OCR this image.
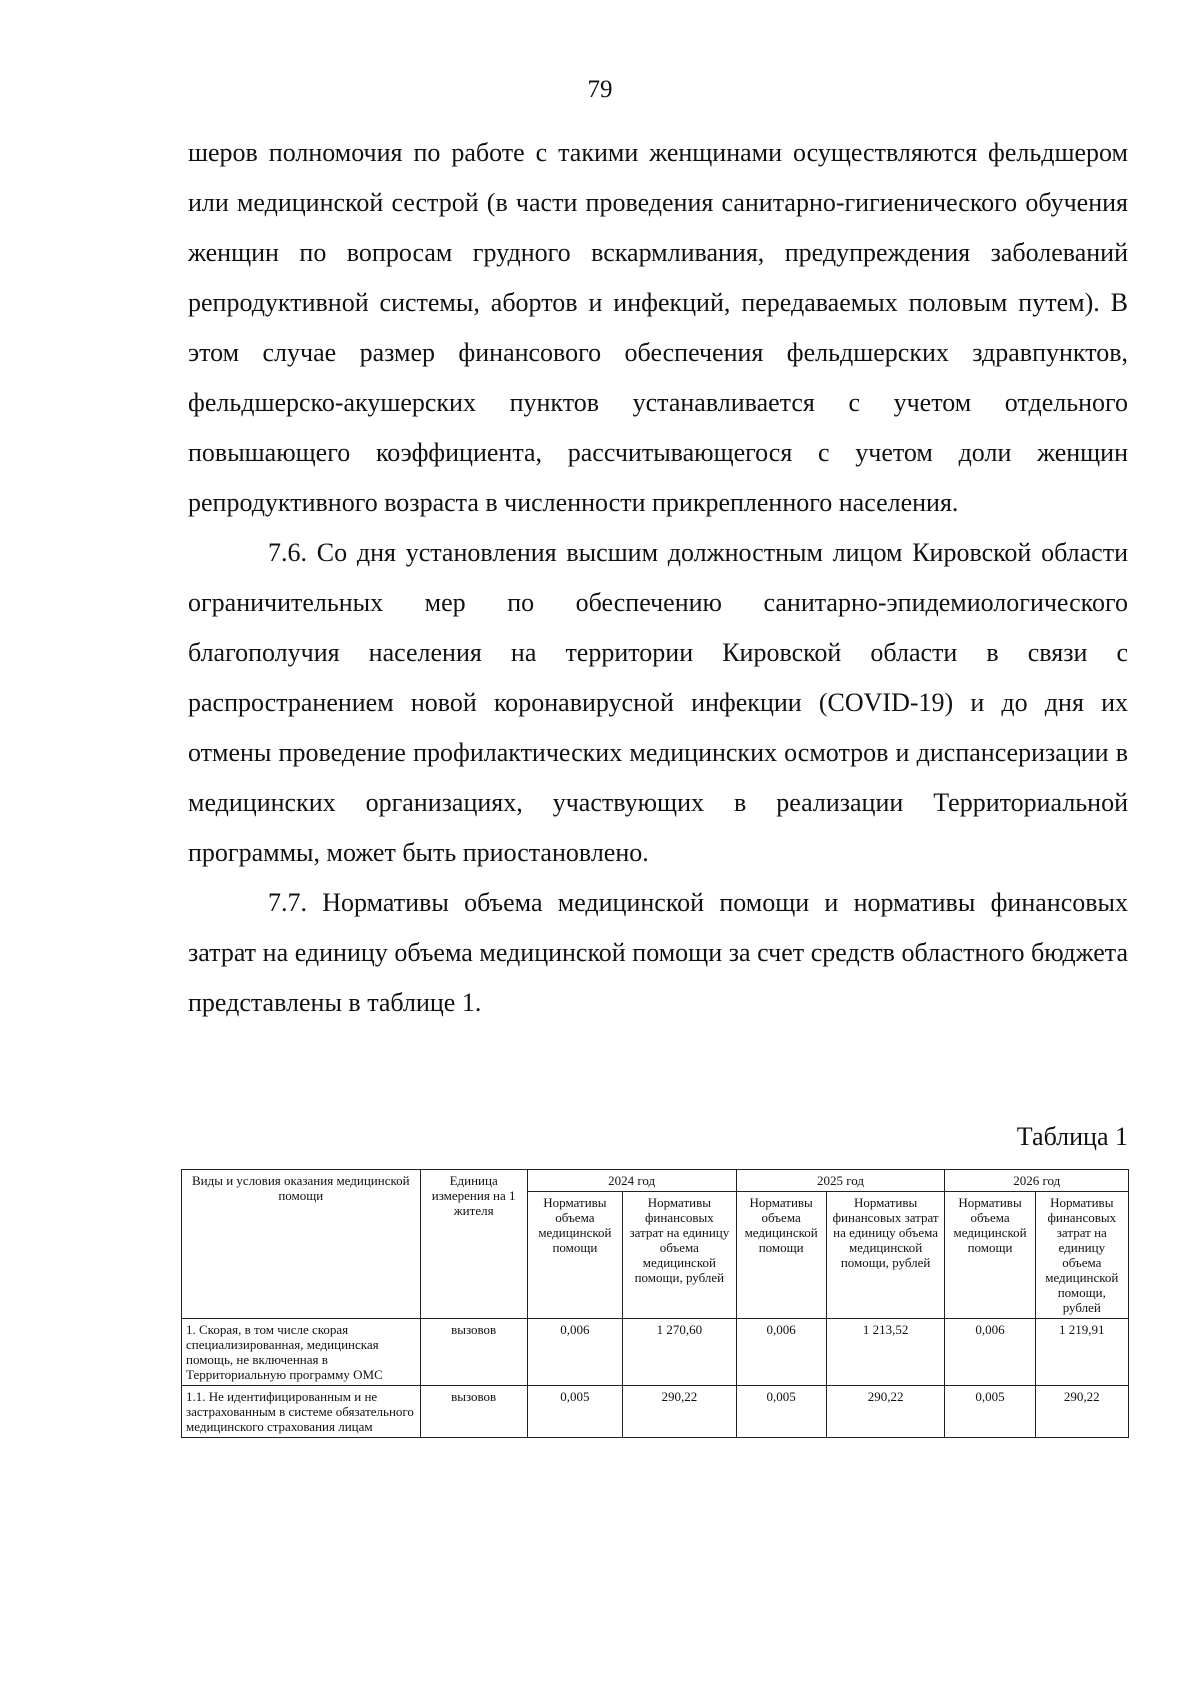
79

шеров полномочия по работе с такими женщинами осуществляются фельдшером или медицинской сестрой (в части проведения санитарно-гигиенического обучения женщин по вопросам грудного вскармливания, предупреждения заболеваний репродуктивной системы, абортов и инфекций, передаваемых половым путем). В этом случае размер финансового обеспечения фельдшерских здравпунктов, фельдшерско-акушерских пунктов устанавливается с учетом отдельного повышающего коэффициента, рассчитывающегося с учетом доли женщин репродуктивного возраста в численности прикрепленного населения.

7.6. Со дня установления высшим должностным лицом Кировской области ограничительных мер по обеспечению санитарно-эпидемиологического благополучия населения на территории Кировской области в связи с распространением новой коронавирусной инфекции (COVID-19) и до дня их отмены проведение профилактических медицинских осмотров и диспансеризации в медицинских организациях, участвующих в реализации Территориальной программы, может быть приостановлено.

7.7. Нормативы объема медицинской помощи и нормативы финансовых затрат на единицу объема медицинской помощи за счет средств областного бюджета представлены в таблице 1.

Таблица 1
Виды и условия оказания медицинской помощи	Единица измерения на 1 жителя	2024 год		2025 год		2026 год	
		Нормативы объема медицинской помощи	Нормативы финансовых затрат на единицу объема медицинской помощи, рублей	Нормативы объема медицинской помощи	Нормативы финансовых затрат на единицу объема медицинской помощи, рублей	Нормативы объема медицинской помощи	Нормативы финансовых затрат на единицу объема медицинской помощи, рублей
1. Скорая, в том числе скорая специализированная, медицинская помощь, не включенная в Территориальную программу ОМС	вызовов	0,006	1 270,60	0,006	1 213,52	0,006	1 219,91
1.1. Не идентифицированным и не застрахованным в системе обязательного медицинского страхования лицам	вызовов	0,005	290,22	0,005	290,22	0,005	290,22
